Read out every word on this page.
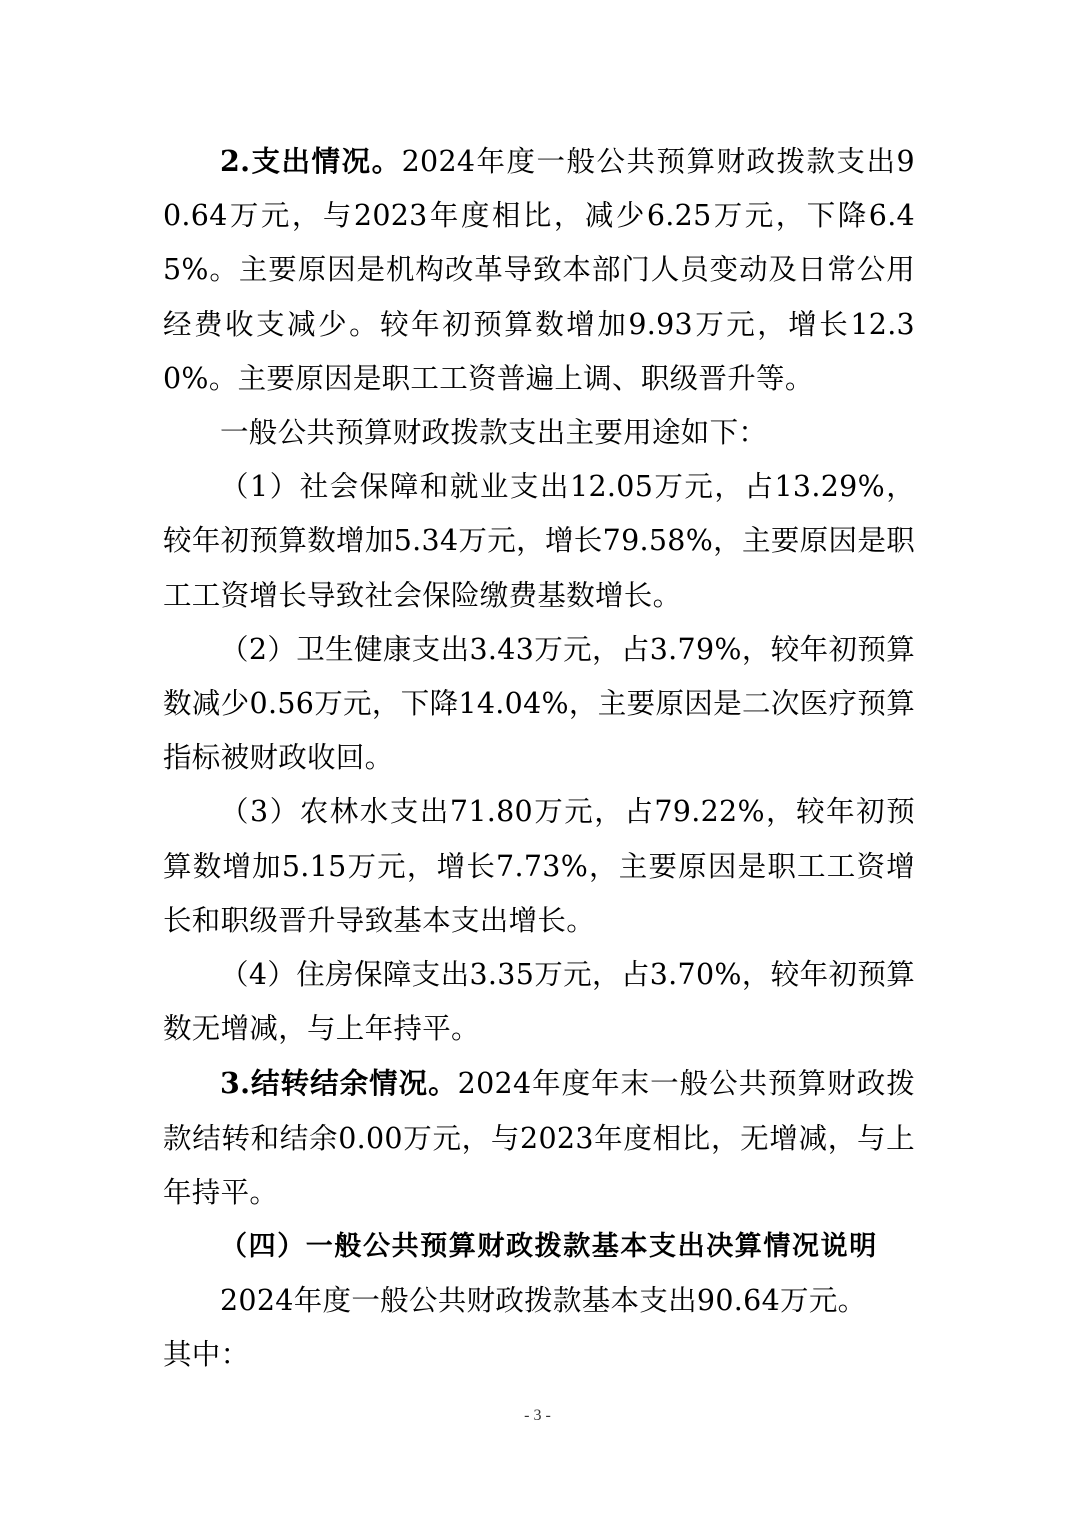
2.支出情况。2024年度一般公共预算财政拨款支出90.64万元，与2023年度相比，减少6.25万元，下降6.45%。主要原因是机构改革导致本部门人员变动及日常公用经费收支减少。较年初预算数增加9.93万元，增长12.30%。主要原因是职工工资普遍上调、职级晋升等。

一般公共预算财政拨款支出主要用途如下：

（1）社会保障和就业支出12.05万元，占13.29%，较年初预算数增加5.34万元，增长79.58%，主要原因是职工工资增长导致社会保险缴费基数增长。

（2）卫生健康支出3.43万元，占3.79%，较年初预算数减少0.56万元，下降14.04%，主要原因是二次医疗预算指标被财政收回。

（3）农林水支出71.80万元，占79.22%，较年初预算数增加5.15万元，增长7.73%，主要原因是职工工资增长和职级晋升导致基本支出增长。

（4）住房保障支出3.35万元，占3.70%，较年初预算数无增减，与上年持平。

3.结转结余情况。2024年度年末一般公共预算财政拨款结转和结余0.00万元，与2023年度相比，无增减，与上年持平。

（四）一般公共预算财政拨款基本支出决算情况说明

2024年度一般公共财政拨款基本支出90.64万元。

其中：

- 3 -
